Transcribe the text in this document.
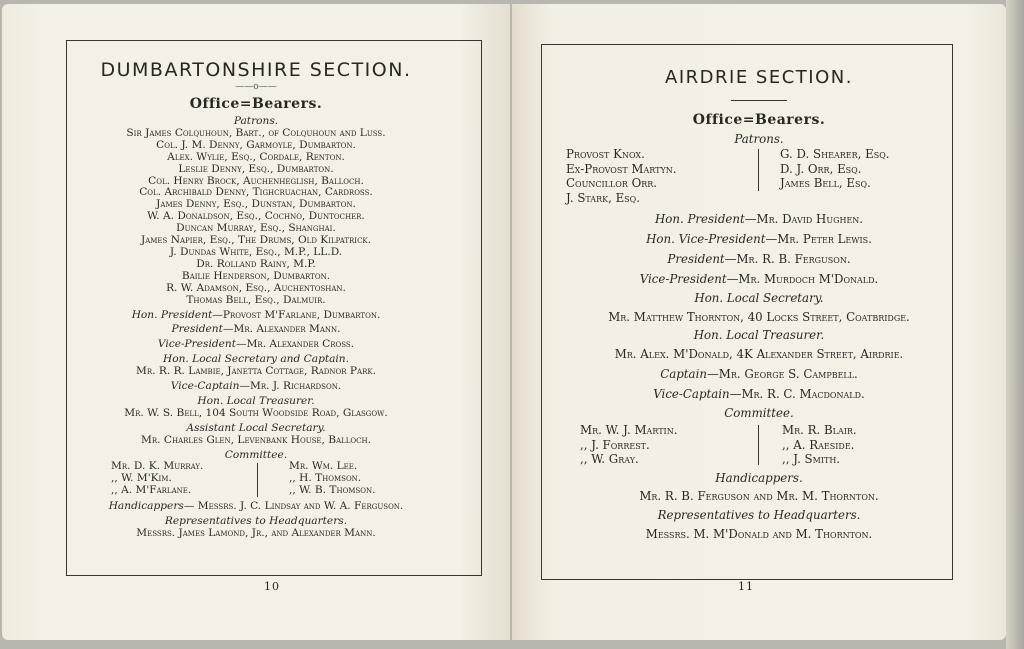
DUMBARTONSHIRE SECTION.
——o——
Office=Bearers.
Patrons.
Sir James Colquhoun, Bart., of Colquhoun and Luss.
Col. J. M. Denny, Garmoyle, Dumbarton.
Alex. Wylie, Esq., Cordale, Renton.
Leslie Denny, Esq., Dumbarton.
Col. Henry Brock, Auchenheglish, Balloch.
Col. Archibald Denny, Tighcruachan, Cardross.
James Denny, Esq., Dunstan, Dumbarton.
W. A. Donaldson, Esq., Cochno, Duntocher.
Duncan Murray, Esq., Shanghai.
James Napier, Esq., The Drums, Old Kilpatrick.
J. Dundas White, Esq., M.P., LL.D.
Dr. Rolland Rainy, M.P.
Bailie Henderson, Dumbarton.
R. W. Adamson, Esq., Auchentoshan.
Thomas Bell, Esq., Dalmuir.
Hon. President—Provost M'Farlane, Dumbarton.
President—Mr. Alexander Mann.
Vice-President—Mr. Alexander Cross.
Hon. Local Secretary and Captain.
Mr. R. R. Lambie, Janetta Cottage, Radnor Park.
Vice-Captain—Mr. J. Richardson.
Hon. Local Treasurer.
Mr. W. S. Bell, 104 South Woodside Road, Glasgow.
Assistant Local Secretary.
Mr. Charles Glen, Levenbank House, Balloch.
Committee.
Mr. D. K. Murray.
,, W. M'Kim.
,, A. M'Farlane.
Mr. Wm. Lee.
,, H. Thomson.
,, W. B. Thomson.
Handicappers— Messrs. J. C. Lindsay and W. A. Ferguson.
Representatives to Headquarters.
Messrs. James Lamond, Jr., and Alexander Mann.
10
AIRDRIE SECTION.
Office=Bearers.
Patrons.
Provost Knox.
Ex-Provost Martyn.
Councillor Orr.
J. Stark, Esq.
G. D. Shearer, Esq.
D. J. Orr, Esq.
James Bell, Esq.
Hon. President—Mr. David Hughen.
Hon. Vice-President—Mr. Peter Lewis.
President—Mr. R. B. Ferguson.
Vice-President—Mr. Murdoch M'Donald.
Hon. Local Secretary.
Mr. Matthew Thornton, 40 Locks Street, Coatbridge.
Hon. Local Treasurer.
Mr. Alex. M'Donald, 4K Alexander Street, Airdrie.
Captain—Mr. George S. Campbell.
Vice-Captain—Mr. R. C. Macdonald.
Committee.
Mr. W. J. Martin.
,, J. Forrest.
,, W. Gray.
Mr. R. Blair.
,, A. Raeside.
,, J. Smith.
Handicappers.
Mr. R. B. Ferguson and Mr. M. Thornton.
Representatives to Headquarters.
Messrs. M. M'Donald and M. Thornton.
11
